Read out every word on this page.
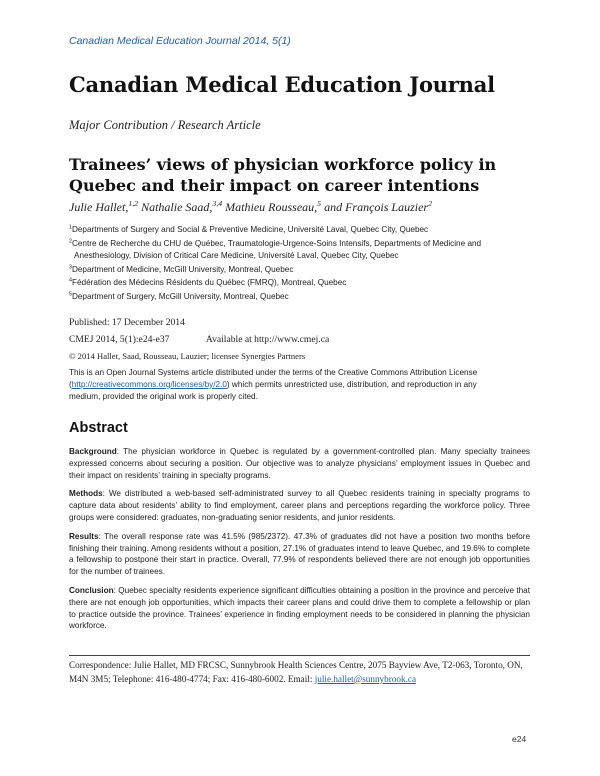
Canadian Medical Education Journal 2014, 5(1)
Canadian Medical Education Journal
Major Contribution / Research Article
Trainees’ views of physician workforce policy in
Quebec and their impact on career intentions
Julie Hallet,$^{1,2}$ Nathalie Saad,$^{3,4}$ Mathieu Rousseau,$^5$ and François Lauzier$^2$
$^1$Departments of Surgery and Social & Preventive Medicine, Université Laval, Quebec City, Quebec
$^2$Centre de Recherche du CHU de Québec, Traumatologie-Urgence-Soins Intensifs, Departments of Medicine and
Anesthesiology, Division of Critical Care Medicine, Université Laval, Quebec City, Quebec
$^3$Department of Medicine, McGill University, Montreal, Quebec
$^4$Fédération des Médecins Résidents du Québec (FMRQ), Montreal, Quebec
$^5$Department of Surgery, McGill University, Montreal, Quebec
Published: 17 December 2014
CMEJ 2014, 5(1):e24-e37	Available at http://www.cmej.ca
© 2014 Hallet, Saad, Rousseau, Lauzier; licensee Synergies Partners
This is an Open Journal Systems article distributed under the terms of the Creative Commons Attribution License
(http://creativecommons.org/licenses/by/2.0) which permits unrestricted use, distribution, and reproduction in any
medium, provided the original work is properly cited.
Abstract

Background: The physician workforce in Quebec is regulated by a government-controlled plan. Many specialty trainees expressed concerns about securing a position. Our objective was to analyze physicians’ employment issues in Quebec and their impact on residents’ training in specialty programs.

Methods: We distributed a web-based self-administrated survey to all Quebec residents training in specialty programs to capture data about residents’ ability to find employment, career plans and perceptions regarding the workforce policy. Three groups were considered: graduates, non-graduating senior residents, and junior residents.

Results: The overall response rate was 41.5% (985/2372). 47.3% of graduates did not have a position two months before finishing their training. Among residents without a position, 27.1% of graduates intend to leave Quebec, and 19.6% to complete a fellowship to postpone their start in practice. Overall, 77.9% of respondents believed there are not enough job opportunities for the number of trainees.

Conclusion: Quebec specialty residents experience significant difficulties obtaining a position in the province and perceive that there are not enough job opportunities, which impacts their career plans and could drive them to complete a fellowship or plan to practice outside the province. Trainees’ experience in finding employment needs to be considered in planning the physician workforce.

Correspondence: Julie Hallet, MD FRCSC, Sunnybrook Health Sciences Centre, 2075 Bayview Ave, T2-063, Toronto, ON, M4N 3M5; Telephone: 416-480-4774; Fax: 416-480-6002. Email: julie.hallet@sunnybrook.ca
e24
